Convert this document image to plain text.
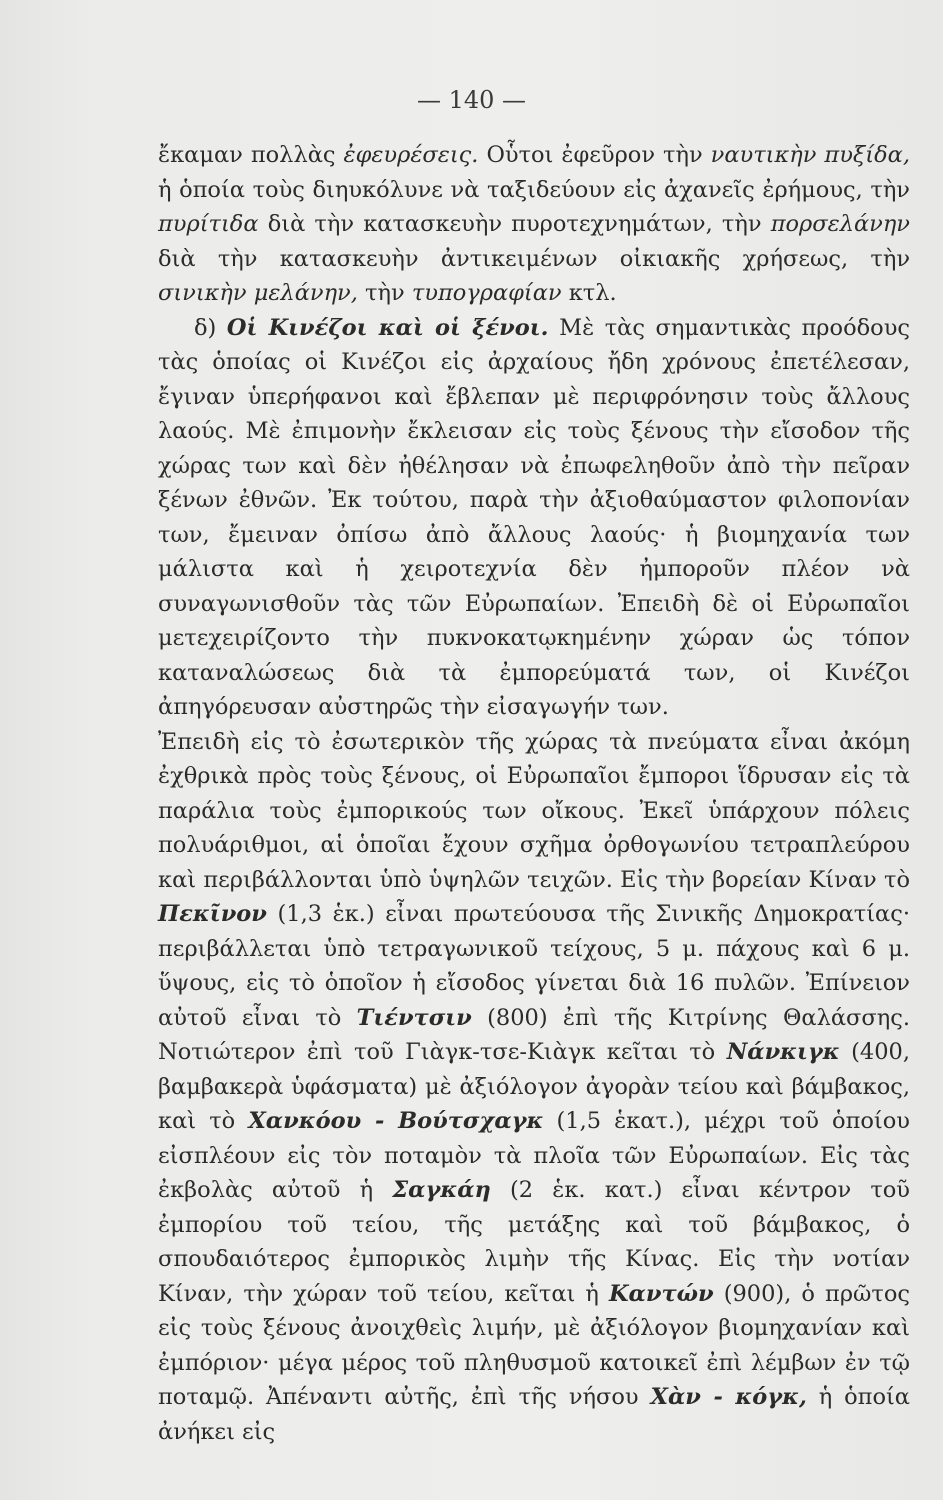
— 140 —

ἔκαμαν πολλὰς ἐφευρέσεις. Οὗτοι ἐφεῦρον τὴν ναυτικὴν πυξίδα, ἡ ὁποία τοὺς διηυκόλυνε νὰ ταξιδεύουν εἰς ἀχανεῖς ἐρήμους, τὴν πυρίτιδα διὰ τὴν κατασκευὴν πυροτεχνημάτων, τὴν πορσελάνην διὰ τὴν κατασκευὴν ἀντικειμένων οἰκιακῆς χρήσεως, τὴν σινικὴν μελάνην, τὴν τυπογραφίαν κτλ.

δ) Οἱ Κινέζοι καὶ οἱ ξένοι. Μὲ τὰς σημαντικὰς προόδους τὰς ὁποίας οἱ Κινέζοι εἰς ἀρχαίους ἤδη χρόνους ἐπετέλεσαν, ἔγιναν ὑπερήφανοι καὶ ἔβλεπαν μὲ περιφρόνησιν τοὺς ἄλλους λαούς. Μὲ ἐπιμονὴν ἔκλεισαν εἰς τοὺς ξένους τὴν εἴσοδον τῆς χώρας των καὶ δὲν ἠθέλησαν νὰ ἐπωφεληθοῦν ἀπὸ τὴν πεῖραν ξένων ἐθνῶν. Ἐκ τούτου, παρὰ τὴν ἀξιοθαύμαστον φιλοπονίαν των, ἔμειναν ὀπίσω ἀπὸ ἄλλους λαούς· ἡ βιομηχανία των μάλιστα καὶ ἡ χειροτεχνία δὲν ἠμποροῦν πλέον νὰ συναγωνισθοῦν τὰς τῶν Εὐρωπαίων. Ἐπειδὴ δὲ οἱ Εὐρωπαῖοι μετεχειρίζοντο τὴν πυκνοκατῳκημένην χώραν ὡς τόπον καταναλώσεως διὰ τὰ ἐμπορεύματά των, οἱ Κινέζοι ἀπηγόρευσαν αὐστηρῶς τὴν εἰσαγωγήν των.

Ἐπειδὴ εἰς τὸ ἐσωτερικὸν τῆς χώρας τὰ πνεύματα εἶναι ἀκόμη ἐχθρικὰ πρὸς τοὺς ξένους, οἱ Εὐρωπαῖοι ἔμποροι ἵδρυσαν εἰς τὰ παράλια τοὺς ἐμπορικούς των οἴκους. Ἐκεῖ ὑπάρχουν πόλεις πολυάριθμοι, αἱ ὁποῖαι ἔχουν σχῆμα ὀρθογωνίου τετραπλεύρου καὶ περιβάλλονται ὑπὸ ὑψηλῶν τειχῶν. Εἰς τὴν βορείαν Κίναν τὸ Πεκῖνον (1,3 ἑκ.) εἶναι πρωτεύουσα τῆς Σινικῆς Δημοκρατίας· περιβάλλεται ὑπὸ τετραγωνικοῦ τείχους, 5 μ. πάχους καὶ 6 μ. ὕψους, εἰς τὸ ὁποῖον ἡ εἴσοδος γίνεται διὰ 16 πυλῶν. Ἐπίνειον αὐτοῦ εἶναι τὸ Τιέντσιν (800) ἐπὶ τῆς Κιτρίνης Θαλάσσης. Νοτιώτερον ἐπὶ τοῦ Γιὰγκ-τσε-Κιὰγκ κεῖται τὸ Νάνκιγκ (400, βαμβακερὰ ὑφάσματα) μὲ ἀξιόλογον ἀγορὰν τείου καὶ βάμβακος, καὶ τὸ Χανκόου - Βούτσχαγκ (1,5 ἑκατ.), μέχρι τοῦ ὁποίου εἰσπλέουν εἰς τὸν ποταμὸν τὰ πλοῖα τῶν Εὐρωπαίων. Εἰς τὰς ἐκβολὰς αὐτοῦ ἡ Σαγκάη (2 ἑκ. κατ.) εἶναι κέντρον τοῦ ἐμπορίου τοῦ τείου, τῆς μετάξης καὶ τοῦ βάμβακος, ὁ σπουδαιότερος ἐμπορικὸς λιμὴν τῆς Κίνας. Εἰς τὴν νοτίαν Κίναν, τὴν χώραν τοῦ τείου, κεῖται ἡ Καντών (900), ὁ πρῶτος εἰς τοὺς ξένους ἀνοιχθεὶς λιμήν, μὲ ἀξιόλογον βιομηχανίαν καὶ ἐμπόριον· μέγα μέρος τοῦ πληθυσμοῦ κατοικεῖ ἐπὶ λέμβων ἐν τῷ ποταμῷ. Ἀπέναντι αὐτῆς, ἐπὶ τῆς νήσου Χὰν - κόγκ, ἡ ὁποία ἀνήκει εἰς
